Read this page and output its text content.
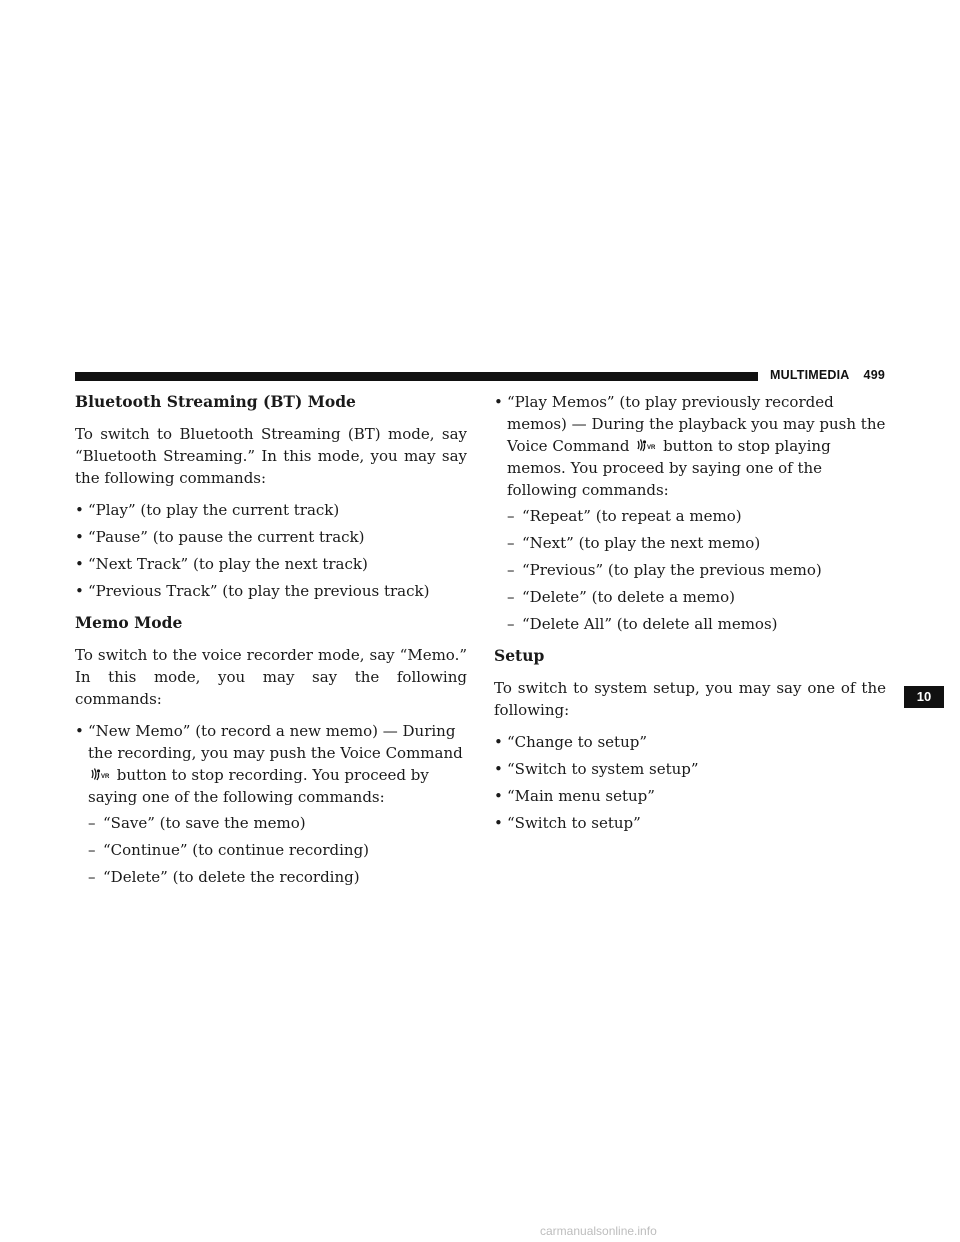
MULTIMEDIA 499
Bluetooth Streaming (BT) Mode

To switch to Bluetooth Streaming (BT) mode, say “Bluetooth Streaming.” In this mode, you may say the following commands:

• “Play” (to play the current track)
• “Pause” (to pause the current track)
• “Next Track” (to play the next track)
• “Previous Track” (to play the previous track)
Memo Mode

To switch to the voice recorder mode, say “Memo.” In this mode, you may say the following commands:

• “New Memo” (to record a new memo) — During the recording, you may push the Voice Command
VR button to stop recording. You proceed by saying one of the following commands:
– “Save” (to save the memo)
– “Continue” (to continue recording)
– “Delete” (to delete the recording)
• “Play Memos” (to play previously recorded memos) — During the playback you may push the Voice Command	VR button to stop playing memos. You proceed by saying one of the following commands:
– “Repeat” (to repeat a memo)
– “Next” (to play the next memo)
– “Previous” (to play the previous memo)
– “Delete” (to delete a memo)
– “Delete All” (to delete all memos)
Setup

To switch to system setup, you may say one of the following:

• “Change to setup”
• “Switch to system setup”
• “Main menu setup”
• “Switch to setup”
10
carmanualsonline.info
